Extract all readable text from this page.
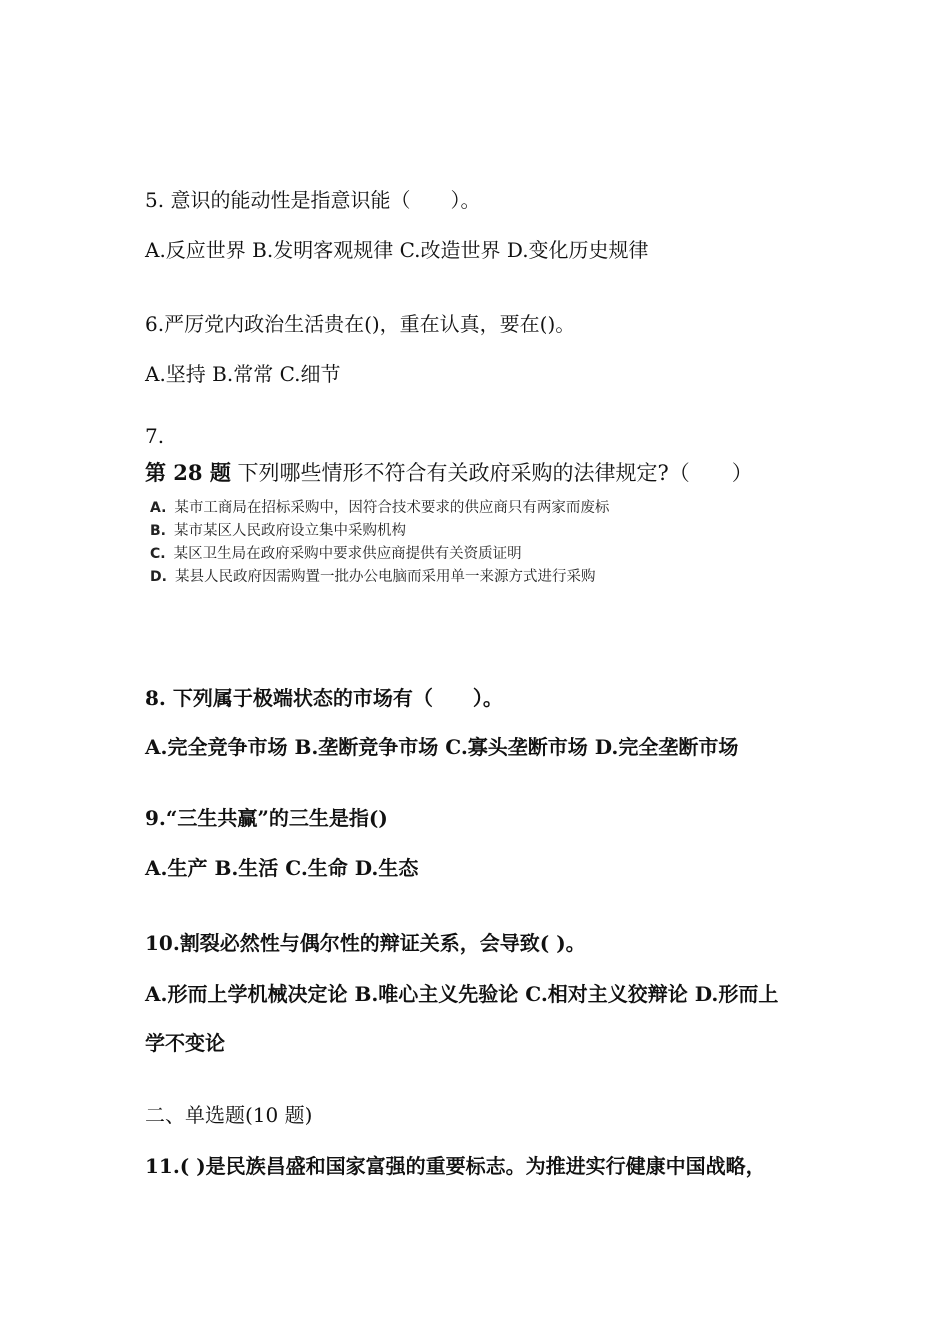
5. 意识的能动性是指意识能（　　）。
A.反应世界 B.发明客观规律 C.改造世界 D.变化历史规律
6.严厉党内政治生活贵在()，重在认真，要在()。
A.坚持 B.常常 C.细节
7.
第 28 题 下列哪些情形不符合有关政府采购的法律规定?（　　）
A. 某市工商局在招标采购中，因符合技术要求的供应商只有两家而废标
B. 某市某区人民政府设立集中采购机构
C. 某区卫生局在政府采购中要求供应商提供有关资质证明
D. 某县人民政府因需购置一批办公电脑而采用单一来源方式进行采购
8. 下列属于极端状态的市场有（　　）。
A.完全竞争市场 B.垄断竞争市场 C.寡头垄断市场 D.完全垄断市场
9.“三生共赢”的三生是指()
A.生产 B.生活 C.生命 D.生态
10.割裂必然性与偶尔性的辩证关系，会导致( )。
A.形而上学机械决定论 B.唯心主义先验论 C.相对主义狡辩论 D.形而上
学不变论
二、单选题(10 题)
11.( )是民族昌盛和国家富强的重要标志。为推进实行健康中国战略，
